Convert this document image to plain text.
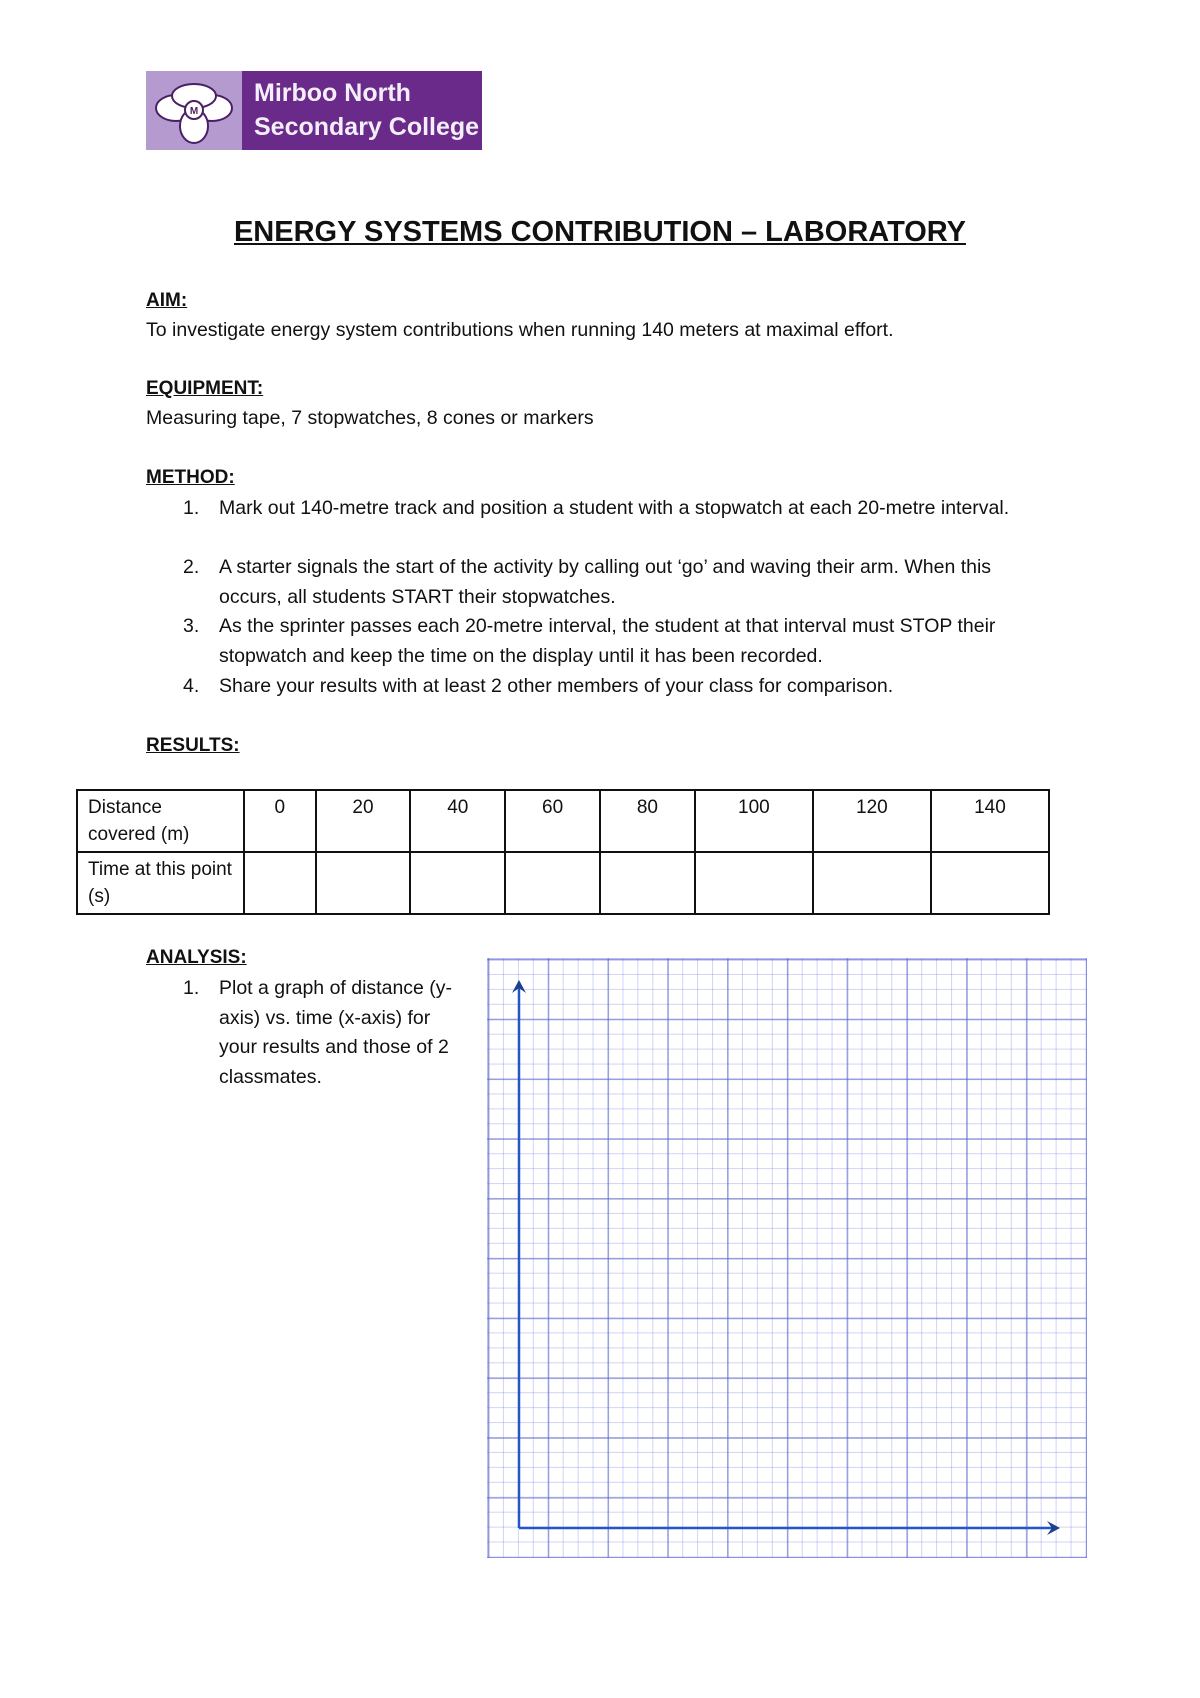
M
Mirboo North
Secondary College
ENERGY SYSTEMS CONTRIBUTION – LABORATORY
AIM:
To investigate energy system contributions when running 140 meters at maximal effort.
EQUIPMENT:
Measuring tape, 7 stopwatches, 8 cones or markers
METHOD:
1. Mark out 140-metre track and position a student with a stopwatch at each 20-metre interval.
2. A starter signals the start of the activity by calling out ‘go’ and waving their arm. When this occurs, all students START their stopwatches.
3. As the sprinter passes each 20-metre interval, the student at that interval must STOP their stopwatch and keep the time on the display until it has been recorded.
4. Share your results with at least 2 other members of your class for comparison.
RESULTS:
Distance covered (m)	0	20	40	60	80	100	120	140
Time at this point (s)								
ANALYSIS:
1. Plot a graph of distance (y-axis) vs. time (x-axis) for your results and those of 2 classmates.
